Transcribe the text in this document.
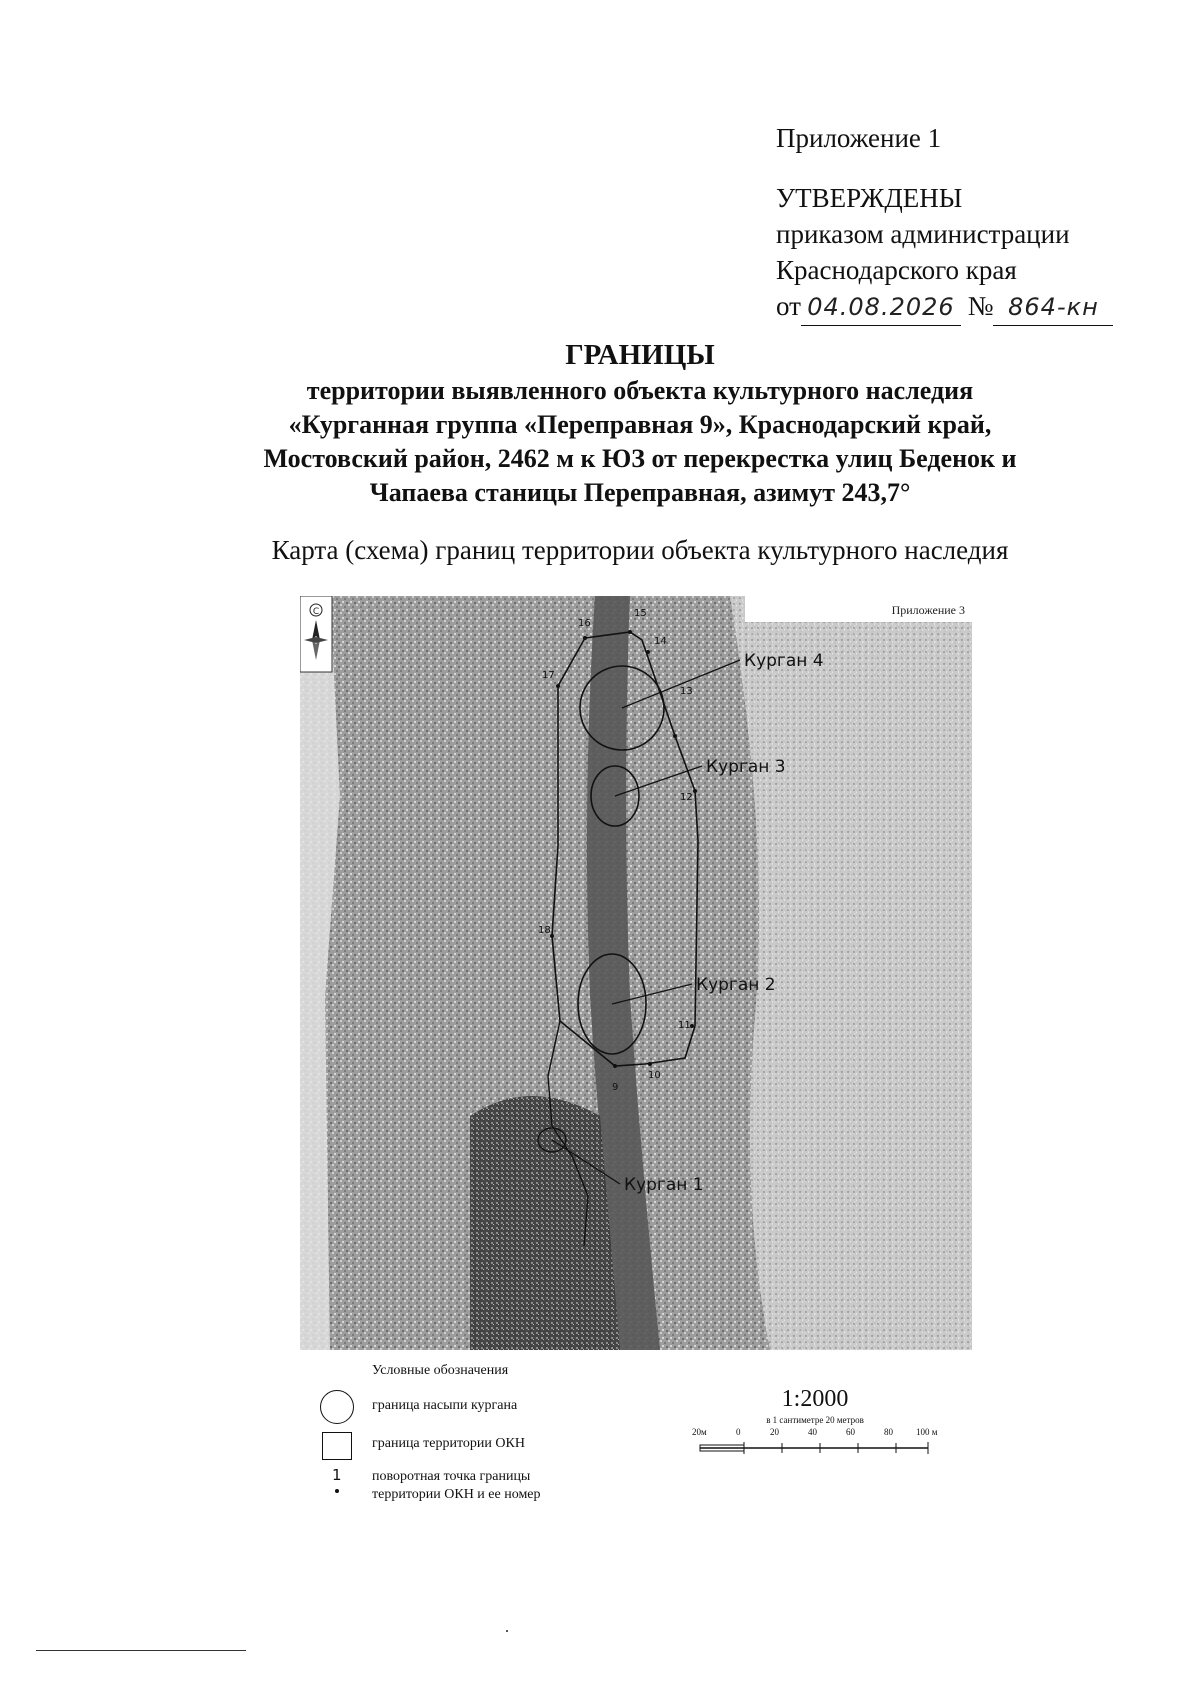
Приложение 1
УТВЕРЖДЕНЫ
приказом администрации
Краснодарского края
от 04.08.2026 № 864-кн
ГРАНИЦЫ
территории выявленного объекта культурного наследия
«Курганная группа «Переправная 9», Краснодарский край,
Мостовский район, 2462 м к ЮЗ от перекрестка улиц Беденок и
Чапаева станицы Переправная, азимут 243,7°
Карта (схема) границ территории объекта культурного наследия
Приложение 3
С
Курган 4
Курган 3
Курган 2
Курган 1
16
15
14
13
17
12
18
11
10
9
Условные обозначения
граница насыпи кургана
граница территории ОКН
1 поворотная точка границы
территории ОКН и ее номер
1:2000
в 1 сантиметре 20 метров
20м	0	20	40	60	80	100 м
